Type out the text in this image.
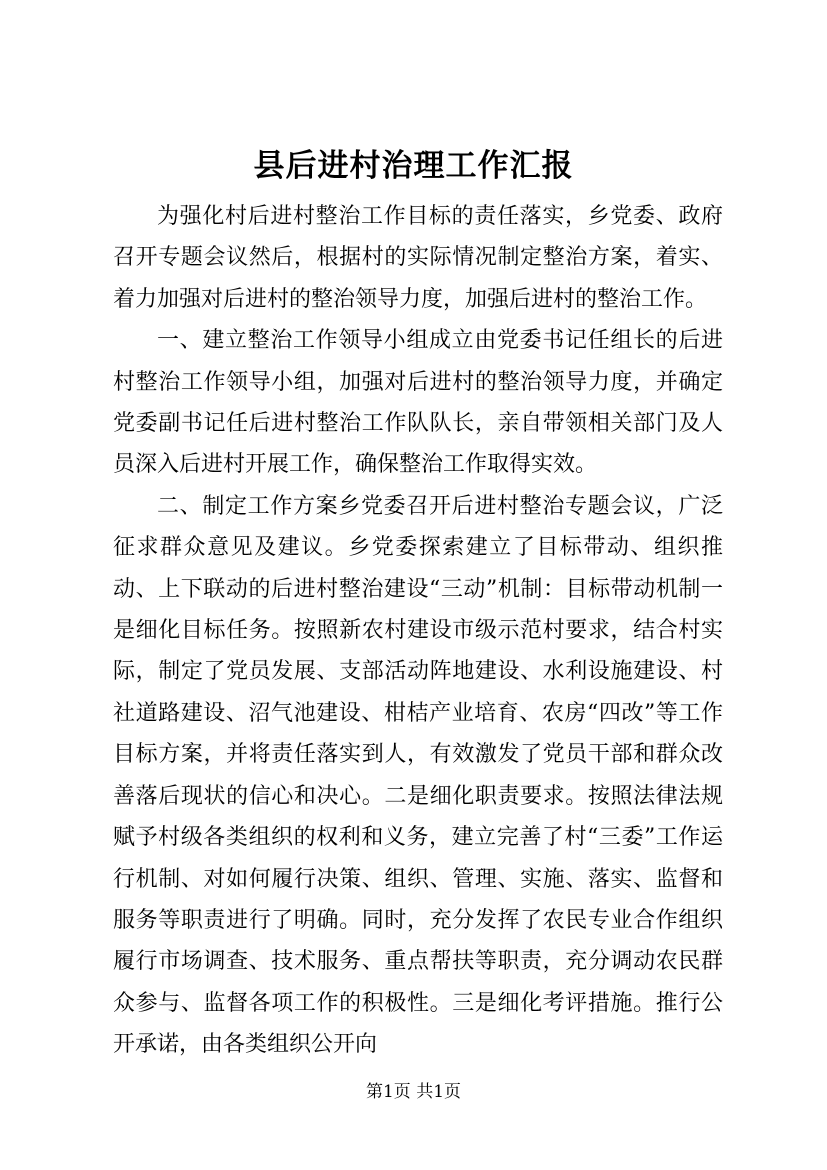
县后进村治理工作汇报

为强化村后进村整治工作目标的责任落实，乡党委、政府召开专题会议然后，根据村的实际情况制定整治方案，着实、着力加强对后进村的整治领导力度，加强后进村的整治工作。

一、建立整治工作领导小组成立由党委书记任组长的后进村整治工作领导小组，加强对后进村的整治领导力度，并确定党委副书记任后进村整治工作队队长，亲自带领相关部门及人员深入后进村开展工作，确保整治工作取得实效。

二、制定工作方案乡党委召开后进村整治专题会议，广泛征求群众意见及建议。乡党委探索建立了目标带动、组织推动、上下联动的后进村整治建设“三动”机制：目标带动机制一是细化目标任务。按照新农村建设市级示范村要求，结合村实际，制定了党员发展、支部活动阵地建设、水利设施建设、村社道路建设、沼气池建设、柑桔产业培育、农房“四改”等工作目标方案，并将责任落实到人，有效激发了党员干部和群众改善落后现状的信心和决心。二是细化职责要求。按照法律法规赋予村级各类组织的权利和义务，建立完善了村“三委”工作运行机制、对如何履行决策、组织、管理、实施、落实、监督和服务等职责进行了明确。同时，充分发挥了农民专业合作组织履行市场调查、技术服务、重点帮扶等职责，充分调动农民群众参与、监督各项工作的积极性。三是细化考评措施。推行公开承诺，由各类组织公开向

第1页 共1页
